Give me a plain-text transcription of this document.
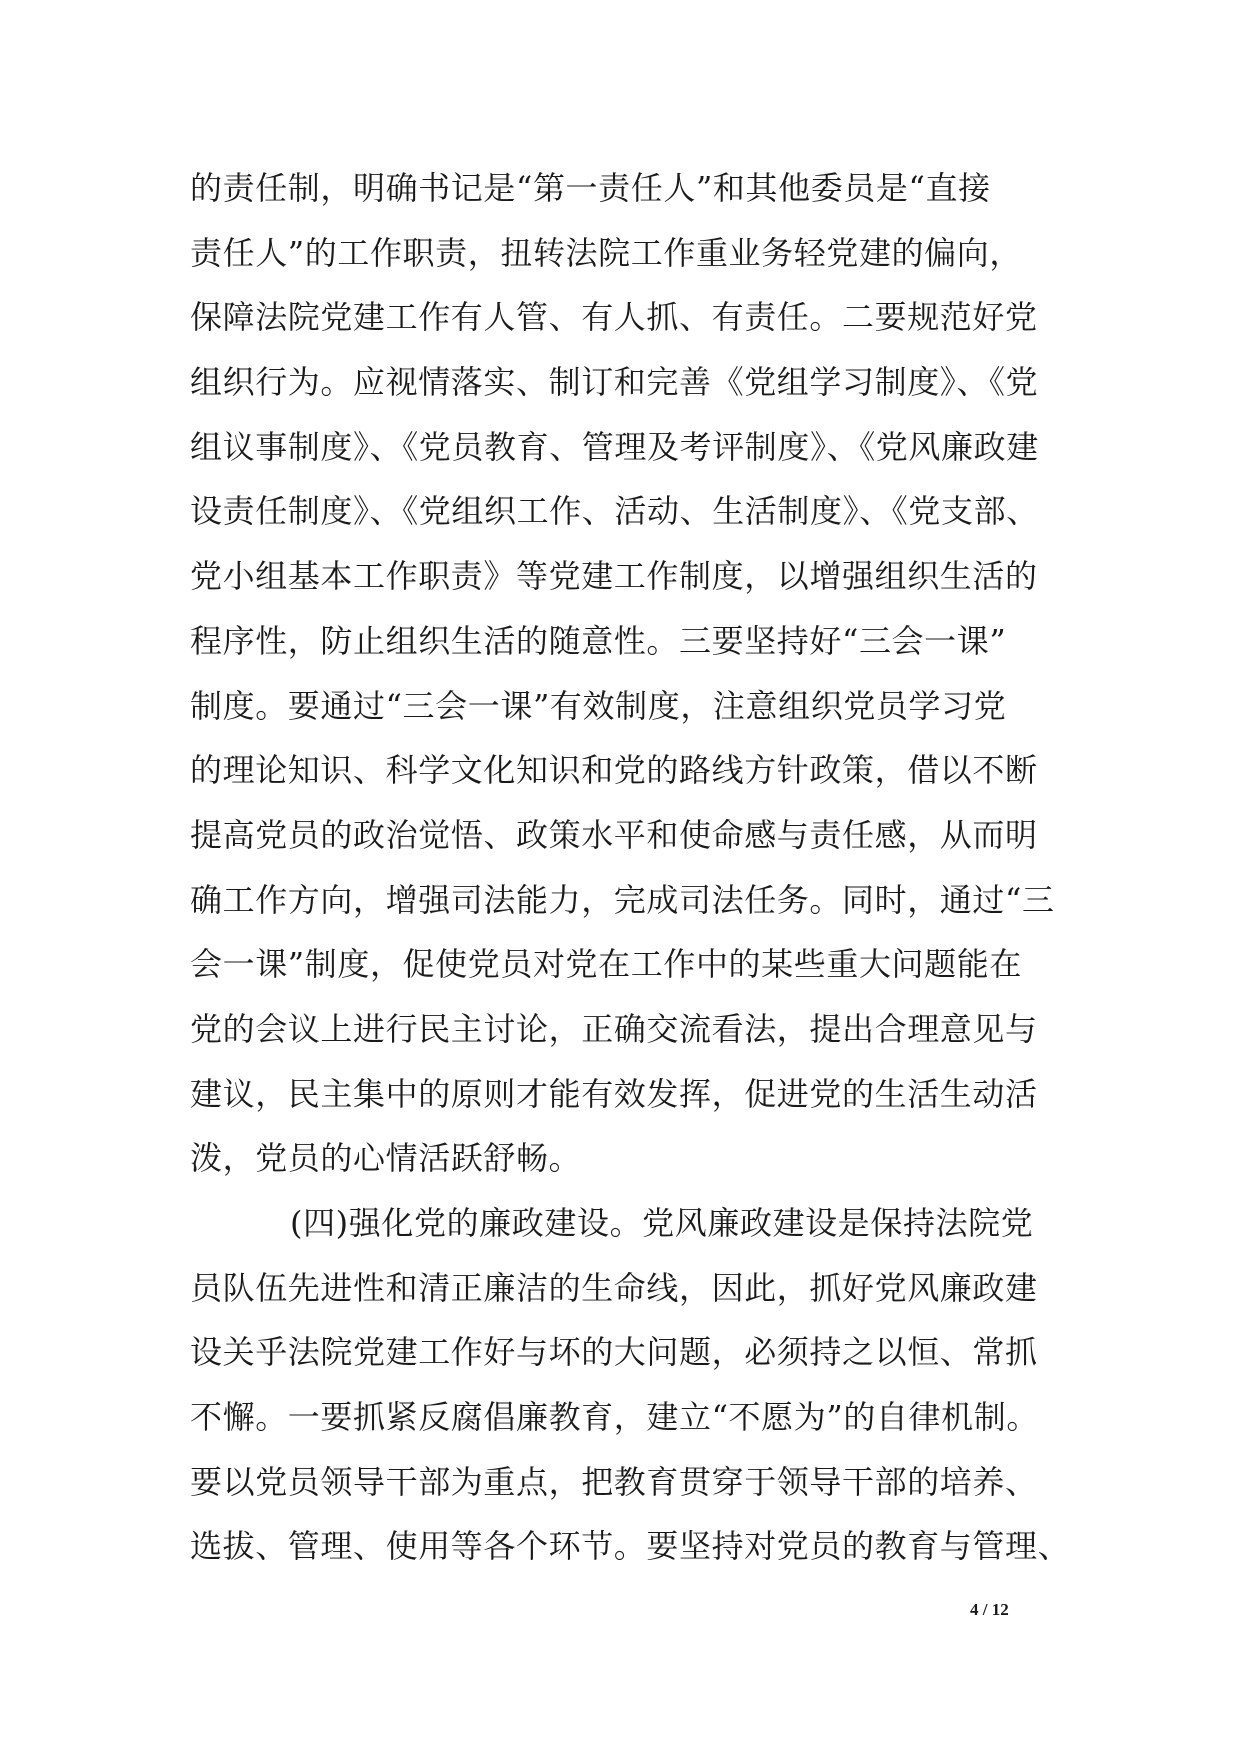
的责任制，明确书记是“第一责任人”和其他委员是“直接
责任人”的工作职责，扭转法院工作重业务轻党建的偏向，
保障法院党建工作有人管、有人抓、有责任。二要规范好党
组织行为。应视情落实、制订和完善《党组学习制度》、《党
组议事制度》、《党员教育、管理及考评制度》、《党风廉政建
设责任制度》、《党组织工作、活动、生活制度》、《党支部、
党小组基本工作职责》等党建工作制度，以增强组织生活的
程序性，防止组织生活的随意性。三要坚持好“三会一课”
制度。要通过“三会一课”有效制度，注意组织党员学习党
的理论知识、科学文化知识和党的路线方针政策，借以不断
提高党员的政治觉悟、政策水平和使命感与责任感，从而明
确工作方向，增强司法能力，完成司法任务。同时，通过“三
会一课”制度，促使党员对党在工作中的某些重大问题能在
党的会议上进行民主讨论，正确交流看法，提出合理意见与
建议，民主集中的原则才能有效发挥，促进党的生活生动活
泼，党员的心情活跃舒畅。
(四)强化党的廉政建设。党风廉政建设是保持法院党
员队伍先进性和清正廉洁的生命线，因此，抓好党风廉政建
设关乎法院党建工作好与坏的大问题，必须持之以恒、常抓
不懈。一要抓紧反腐倡廉教育，建立“不愿为”的自律机制。
要以党员领导干部为重点，把教育贯穿于领导干部的培养、
选拔、管理、使用等各个环节。要坚持对党员的教育与管理、
4 / 12
